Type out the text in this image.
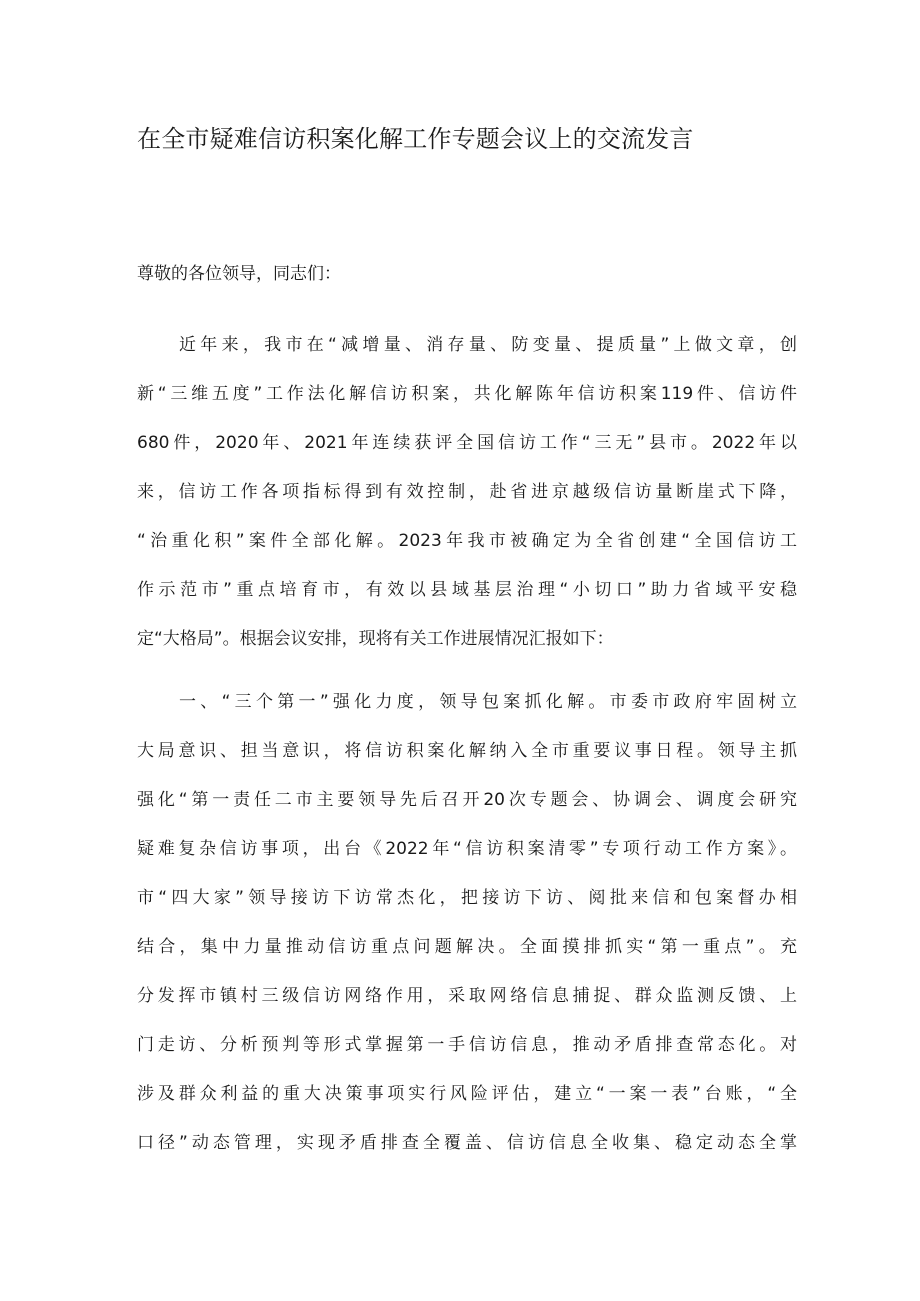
在全市疑难信访积案化解工作专题会议上的交流发言
尊敬的各位领导，同志们：
近年来，我市在“减增量、消存量、防变量、提质量”上做文章，创
新“三维五度”工作法化解信访积案，共化解陈年信访积案119件、信访件
680件，2020年、2021年连续获评全国信访工作“三无”县市。2022年以
来，信访工作各项指标得到有效控制，赴省进京越级信访量断崖式下降，
“治重化积”案件全部化解。2023年我市被确定为全省创建“全国信访工
作示范市”重点培育市，有效以县域基层治理“小切口”助力省域平安稳
定“大格局”。根据会议安排，现将有关工作进展情况汇报如下：
一、“三个第一”强化力度，领导包案抓化解。市委市政府牢固树立
大局意识、担当意识，将信访积案化解纳入全市重要议事日程。领导主抓
强化“第一责任二市主要领导先后召开20次专题会、协调会、调度会研究
疑难复杂信访事项，出台《2022年“信访积案清零”专项行动工作方案》。
市“四大家”领导接访下访常杰化，把接访下访、阅批来信和包案督办相
结合，集中力量推动信访重点问题解决。全面摸排抓实“第一重点”。充
分发挥市镇村三级信访网络作用，采取网络信息捕捉、群众监测反馈、上
门走访、分析预判等形式掌握第一手信访信息，推动矛盾排查常态化。对
涉及群众利益的重大决策事项实行风险评估，建立“一案一表”台账，“全
口径”动态管理，实现矛盾排查全覆盖、信访信息全收集、稳定动态全掌
